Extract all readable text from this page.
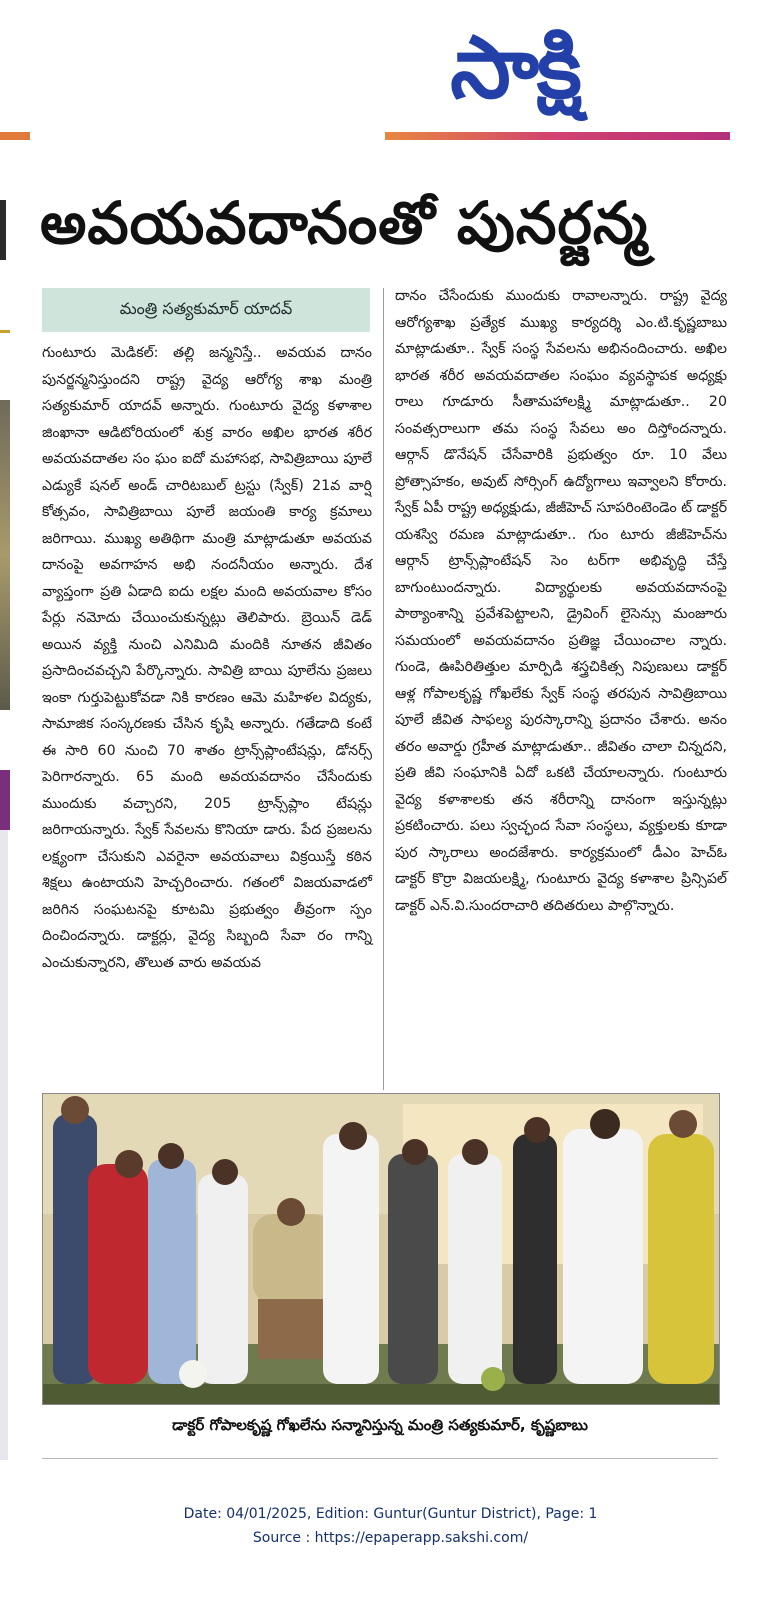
సాక్షి
అవయవదానంతో పునర్జన్మ
మంత్రి సత్యకుమార్ యాదవ్
గుంటూరు మెడికల్: తల్లి జన్మనిస్తే.. అవయవ దానం పునర్జన్మనిస్తుందని రాష్ట్ర వైద్య ఆరోగ్య శాఖ మంత్రి సత్యకుమార్ యాదవ్ అన్నారు. గుంటూరు వైద్య కళాశాల జింఖానా ఆడిటోరియంలో శుక్ర వారం అఖిల భారత శరీర అవయవదాతల సం ఘం ఐదో మహాసభ, సావిత్రిబాయి పూలే ఎడ్యుకే షనల్ అండ్ చారిటబుల్ ట్రస్టు (స్వేక్) 21వ వార్షి కోత్సవం, సావిత్రిబాయి పూలే జయంతి కార్య క్రమాలు జరిగాయి. ముఖ్య అతిథిగా మంత్రి మాట్లాడుతూ అవయవ దానంపై అవగాహన అభి నందనీయం అన్నారు. దేశ వ్యాప్తంగా ప్రతి ఏడాది ఐదు లక్షల మంది అవయవాల కోసం పేర్లు నమోదు చేయించుకున్నట్లు తెలిపారు. బ్రెయిన్ డెడ్ అయిన వ్యక్తి నుంచి ఎనిమిది మందికి నూతన జీవితం ప్రసాదించవచ్చని పేర్కొన్నారు. సావిత్రి బాయి పూలేను ప్రజలు ఇంకా గుర్తుపెట్టుకోవడా నికి కారణం ఆమె మహిళల విద్యకు, సామాజిక సంస్కరణకు చేసిన కృషి అన్నారు. గతేడాది కంటే ఈ సారి 60 నుంచి 70 శాతం ట్రాన్స్‌ప్లాంటేషన్లు, డోనర్స్ పెరిగారన్నారు. 65 మంది అవయవదానం చేసేందుకు ముందుకు వచ్చారని, 205 ట్రాన్స్‌ప్లాం టేషన్లు జరిగాయన్నారు. స్వేక్ సేవలను కొనియా డారు. పేద ప్రజలను లక్ష్యంగా చేసుకుని ఎవరైనా అవయవాలు విక్రయిస్తే కఠిన శిక్షలు ఉంటాయని హెచ్చరించారు. గతంలో విజయవాడలో జరిగిన సంఘటనపై కూటమి ప్రభుత్వం తీవ్రంగా స్పం దించిందన్నారు. డాక్టర్లు, వైద్య సిబ్బంది సేవా రం గాన్ని ఎంచుకున్నారని, తొలుత వారు అవయవ
దానం చేసేందుకు ముందుకు రావాలన్నారు. రాష్ట్ర వైద్య ఆరోగ్యశాఖ ప్రత్యేక ముఖ్య కార్యదర్శి ఎం.టి.కృష్ణబాబు మాట్లాడుతూ.. స్వేక్ సంస్థ సేవలను అభినందించారు. అఖిల భారత శరీర అవయవదాతల సంఘం వ్యవస్థాపక అధ్యక్షు రాలు గూడూరు సీతామహాలక్ష్మి మాట్లాడుతూ.. 20 సంవత్సరాలుగా తమ సంస్థ సేవలు అం దిస్తోందన్నారు. ఆర్గాన్ డొనేషన్ చేసేవారికి ప్రభుత్వం రూ. 10 వేలు ప్రోత్సాహకం, అవుట్ సోర్సింగ్ ఉద్యోగాలు ఇవ్వాలని కోరారు. స్వేక్ ఏపీ రాష్ట్ర అధ్యక్షుడు, జీజీహెచ్ సూపరింటెండెం ట్ డాక్టర్ యశస్వి రమణ మాట్లాడుతూ.. గుం టూరు జీజీహెచ్‌ను ఆర్గాన్ ట్రాన్స్‌ప్లాంటేషన్ సెం టర్‌గా అభివృద్ధి చేస్తే బాగుంటుందన్నారు. విద్యార్థులకు అవయవదానంపై పాఠ్యాంశాన్ని ప్రవేశపెట్టాలని, డ్రైవింగ్ లైసెన్సు మంజూరు సమయంలో అవయవదానం ప్రతిజ్ఞ చేయించాల న్నారు. గుండె, ఊపిరితిత్తుల మార్పిడి శస్త్రచికిత్స నిపుణులు డాక్టర్ ఆళ్ల గోపాలకృష్ణ గోఖలేకు స్వేక్ సంస్థ తరపున సావిత్రిబాయి పూలే జీవిత సాఫల్య పురస్కారాన్ని ప్రదానం చేశారు. అనం తరం అవార్డు గ్రహీత మాట్లాడుతూ.. జీవితం చాలా చిన్నదని, ప్రతి జీవి సంఘానికి ఏదో ఒకటి చేయాలన్నారు. గుంటూరు వైద్య కళాశాలకు తన శరీరాన్ని దానంగా ఇస్తున్నట్లు ప్రకటించారు. పలు స్వచ్ఛంద సేవా సంస్థలు, వ్యక్తులకు కూడా పుర స్కారాలు అందజేశారు. కార్యక్రమంలో డీఎం హెచ్ఓ డాక్టర్ కొర్రా విజయలక్ష్మి, గుంటూరు వైద్య కళాశాల ప్రిన్సిపల్ డాక్టర్ ఎన్.వి.సుందరాచారి తదితరులు పాల్గొన్నారు.
డాక్టర్ గోపాలకృష్ణ గోఖలేను సన్మానిస్తున్న మంత్రి సత్యకుమార్, కృష్ణబాబు
Date: 04/01/2025, Edition: Guntur(Guntur District), Page: 1
Source : https://epaperapp.sakshi.com/
